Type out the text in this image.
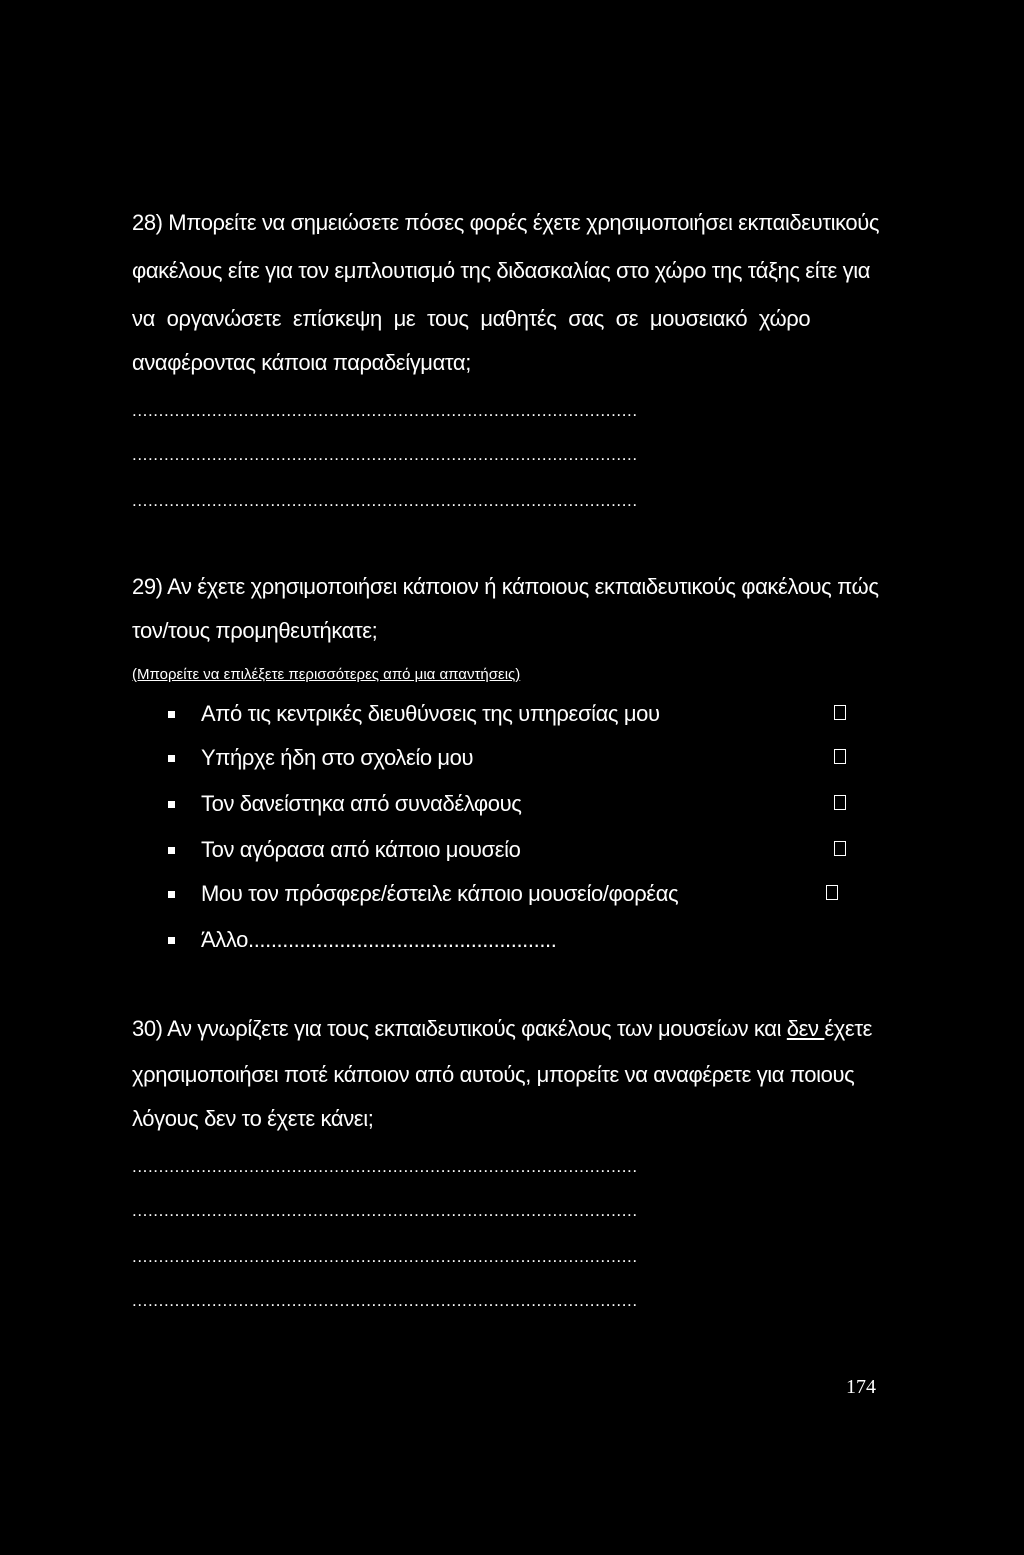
28) Μπορείτε να σημειώσετε πόσες φορές έχετε χρησιμοποιήσει εκπαιδευτικούς
φακέλους είτε για τον εμπλουτισμό της διδασκαλίας στο χώρο της τάξης είτε για
να οργανώσετε επίσκεψη με τους μαθητές σας σε μουσειακό χώρο
αναφέροντας κάποια παραδείγματα;
...............................................................................................
...............................................................................................
...............................................................................................
29) Αν έχετε χρησιμοποιήσει κάποιον ή κάποιους εκπαιδευτικούς φακέλους πώς
τον/τους προμηθευτήκατε;
(Μπορείτε να επιλέξετε περισσότερες από μια απαντήσεις)
Από τις κεντρικές διευθύνσεις της υπηρεσίας μου
Υπήρχε ήδη στο σχολείο μου
Τον δανείστηκα από συναδέλφους
Τον αγόρασα από κάποιο μουσείο
Μου τον πρόσφερε/έστειλε κάποιο μουσείο/φορέας
Άλλο......................................................
30) Αν γνωρίζετε για τους εκπαιδευτικούς φακέλους των μουσείων και δεν έχετε
χρησιμοποιήσει ποτέ κάποιον από αυτούς, μπορείτε να αναφέρετε για ποιους
λόγους δεν το έχετε κάνει;
...............................................................................................
...............................................................................................
...............................................................................................
...............................................................................................
174
